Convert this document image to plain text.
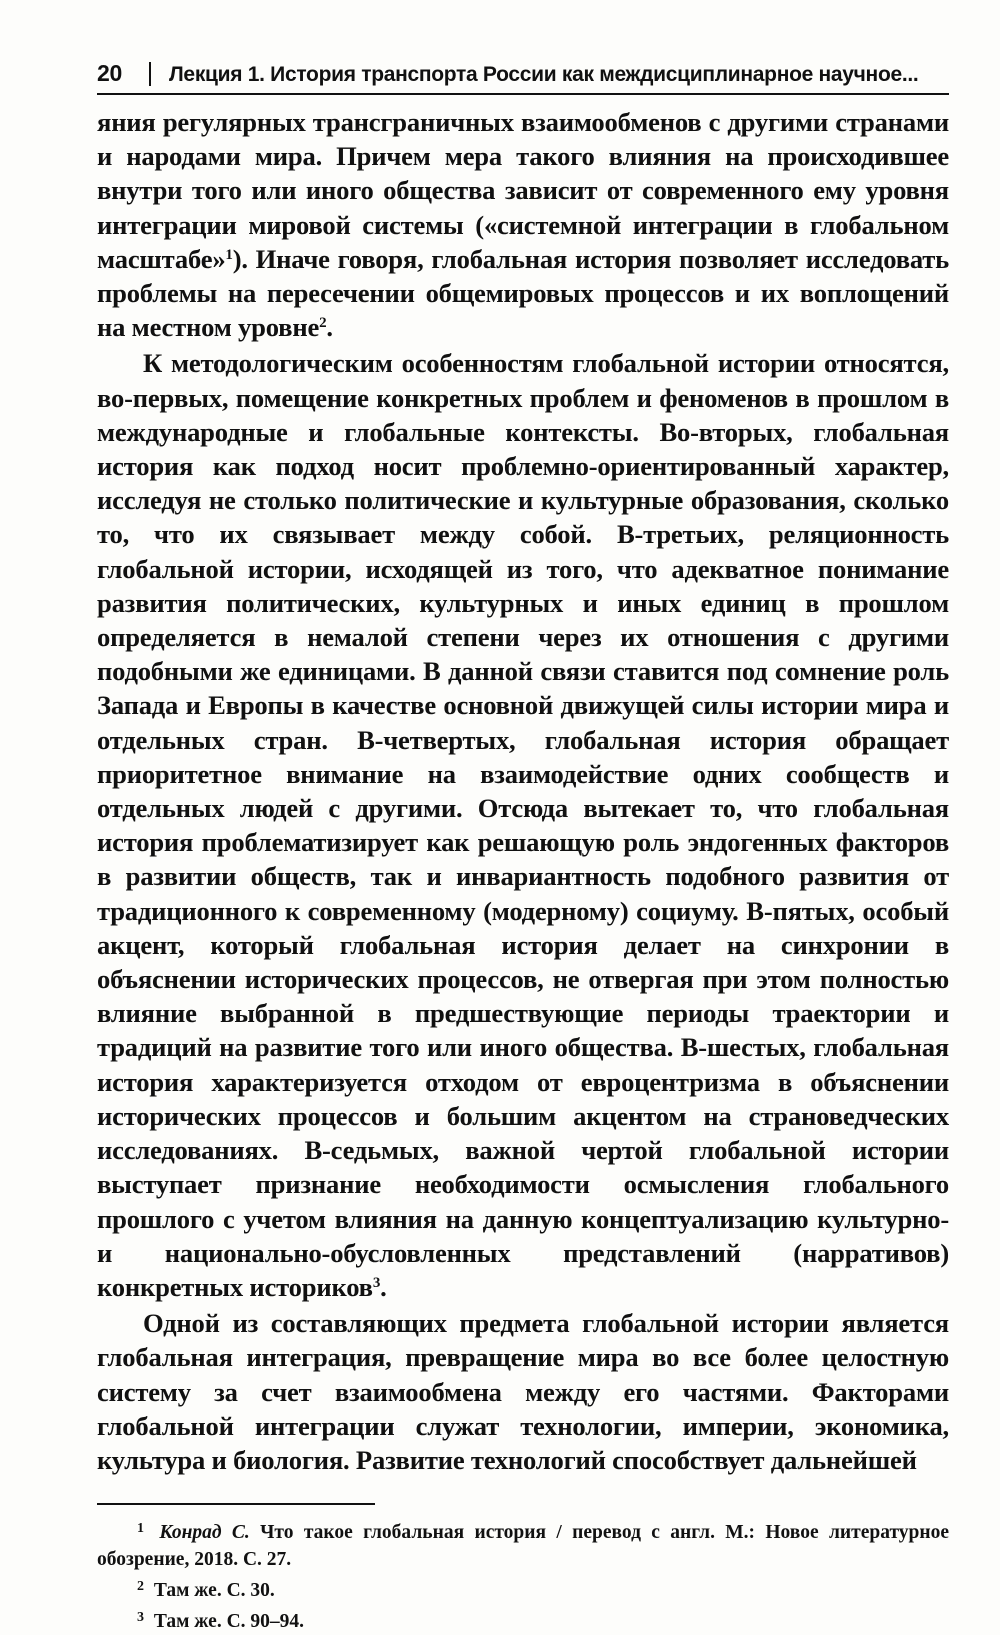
20	Лекция 1. История транспорта России как междисциплинарное научное...

яния регулярных трансграничных взаимообменов с другими странами и народами мира. Причем мера такого влияния на происходившее внутри того или иного общества зависит от современного ему уровня интеграции мировой системы («системной интеграции в глобальном масштабе»$^1$). Иначе говоря, глобальная история позволяет исследовать проблемы на пересечении общемировых процессов и их воплощений на местном уровне$^2$.

К методологическим особенностям глобальной истории относятся, во-первых, помещение конкретных проблем и феноменов в прошлом в международные и глобальные контексты. Во-вторых, глобальная история как подход носит проблемно-ориентированный характер, исследуя не столько политические и культурные образования, сколько то, что их связывает между собой. В-третьих, реляционность глобальной истории, исходящей из того, что адекватное понимание развития политических, культурных и иных единиц в прошлом определяется в немалой степени через их отношения с другими подобными же единицами. В данной связи ставится под сомнение роль Запада и Европы в качестве основной движущей силы истории мира и отдельных стран. В-четвертых, глобальная история обращает приоритетное внимание на взаимодействие одних сообществ и отдельных людей с другими. Отсюда вытекает то, что глобальная история проблематизирует как решающую роль эндогенных факторов в развитии обществ, так и инвариантность подобного развития от традиционного к современному (модерному) социуму. В-пятых, особый акцент, который глобальная история делает на синхронии в объяснении исторических процессов, не отвергая при этом полностью влияние выбранной в предшествующие периоды траектории и традиций на развитие того или иного общества. В-шестых, глобальная история характеризуется отходом от евроцентризма в объяснении исторических процессов и большим акцентом на страноведческих исследованиях. В-седьмых, важной чертой глобальной истории выступает признание необходимости осмысления глобального прошлого с учетом влияния на данную концептуализацию культурно- и национально-обусловленных представлений (нарративов) конкретных историков$^3$.

Одной из составляющих предмета глобальной истории является глобальная интеграция, превращение мира во все более целостную систему за счет взаимообмена между его частями. Факторами глобальной интеграции служат технологии, империи, экономика, культура и биология. Развитие технологий способствует дальнейшей

1 Конрад С. Что такое глобальная история / перевод с англ. М.: Новое литературное обозрение, 2018. С. 27.

2 Там же. С. 30.

3 Там же. С. 90–94.
